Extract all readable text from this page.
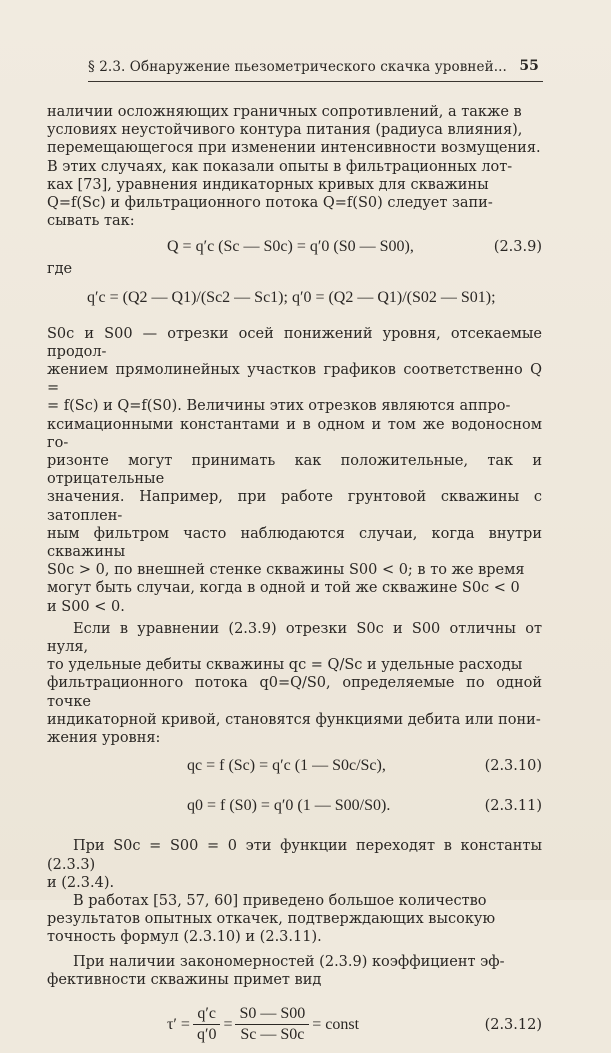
§ 2.3. Обнаружение пьезометрического скачка уровней... 55

наличии осложняющих граничных сопротивлений, а также в

условиях неустойчивого контура питания (радиуса влияния),

перемещающегося при изменении интенсивности возмущения.

В этих случаях, как показали опыты в фильтрационных лот-

ках [73], уравнения индикаторных кривых для скважины

Q=f(Sc) и фильтрационного потока Q=f(S0) следует запи-

сывать так:

Q = q′c (Sc — S0c) = q′0 (S0 — S00),	(2.3.9)

где

q′c = (Q2 — Q1)/(Sc2 — Sc1); q′0 = (Q2 — Q1)/(S02 — S01);

S0c и S00 — отрезки осей понижений уровня, отсекаемые продол-

жением прямолинейных участков графиков соответственно Q =

= f(Sc) и Q=f(S0). Величины этих отрезков являются аппро-

ксимационными константами и в одном и том же водоносном го-

ризонте могут принимать как положительные, так и отрицательные

значения. Например, при работе грунтовой скважины с затоплен-

ным фильтром часто наблюдаются случаи, когда внутри скважины

S0c > 0, по внешней стенке скважины S00 < 0; в то же время

могут быть случаи, когда в одной и той же скважине S0c < 0

и S00 < 0.

Если в уравнении (2.3.9) отрезки S0c и S00 отличны от нуля,

то удельные дебиты скважины qc = Q/Sc и удельные расходы

фильтрационного потока q0=Q/S0, определяемые по одной точке

индикаторной кривой, становятся функциями дебита или пони-

жения уровня:

qc = f (Sc) = q′c (1 — S0c/Sc),	(2.3.10)
q0 = f (S0) = q′0 (1 — S00/S0).	(2.3.11)

При S0c = S00 = 0 эти функции переходят в константы (2.3.3)

и (2.3.4).

В работах [53, 57, 60] приведено большое количество

результатов опытных откачек, подтверждающих высокую

точность формул (2.3.10) и (2.3.11).

При наличии закономерностей (2.3.9) коэффициент эф-

фективности скважины примет вид

$\tau' = \frac{q'c}{q'0} = \frac{S0 — S00}{Sc — S0c}$ = const	(2.3.12)
